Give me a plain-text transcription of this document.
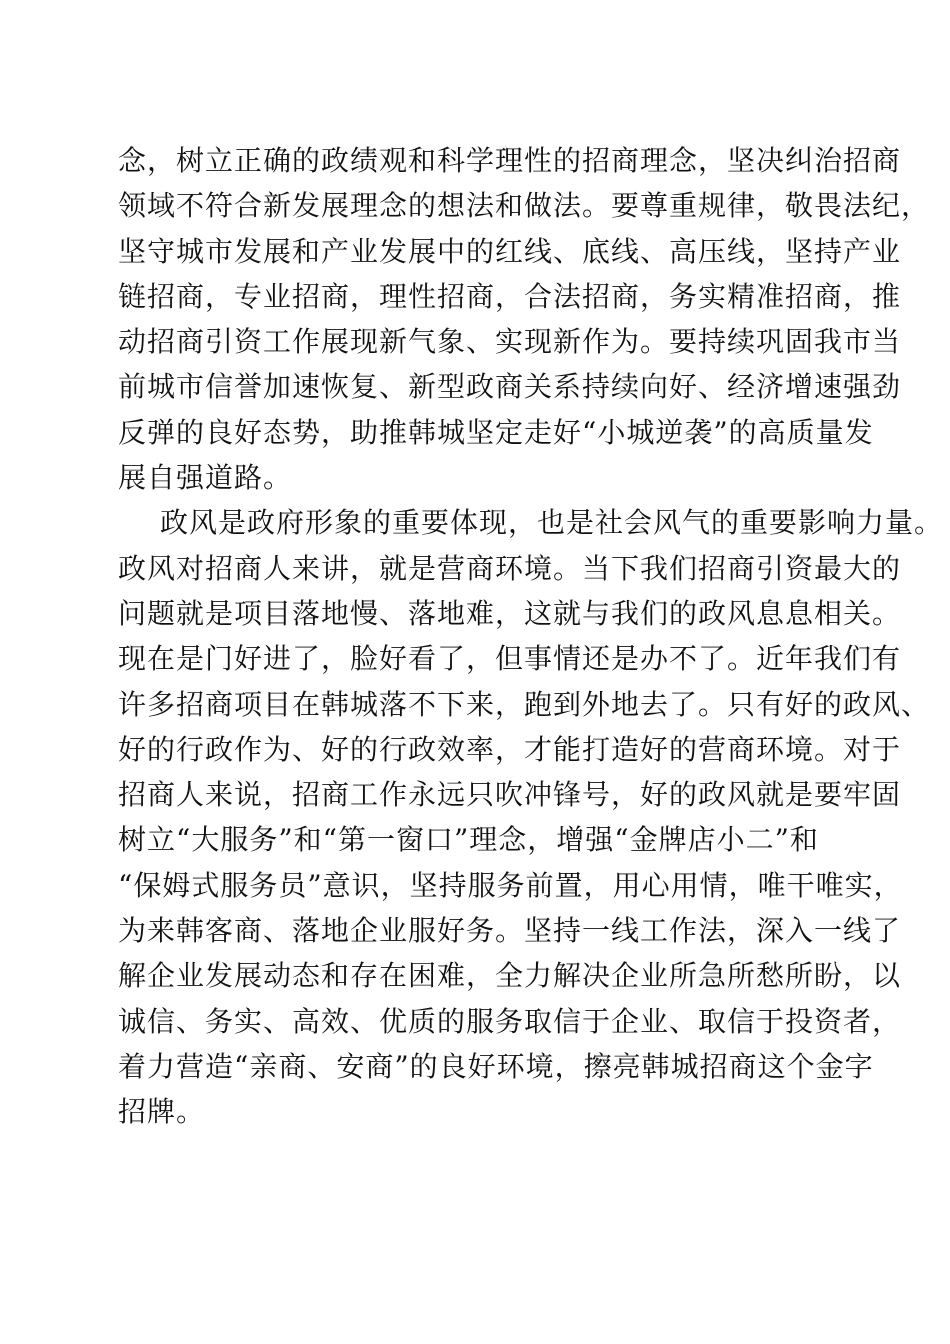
念，树立正确的政绩观和科学理性的招商理念，坚决纠治招商
领域不符合新发展理念的想法和做法。要尊重规律，敬畏法纪，
坚守城市发展和产业发展中的红线、底线、高压线，坚持产业
链招商，专业招商，理性招商，合法招商，务实精准招商，推
动招商引资工作展现新气象、实现新作为。要持续巩固我市当
前城市信誉加速恢复、新型政商关系持续向好、经济增速强劲
反弹的良好态势，助推韩城坚定走好“小城逆袭”的高质量发
展自强道路。
政风是政府形象的重要体现，也是社会风气的重要影响力量。
政风对招商人来讲，就是营商环境。当下我们招商引资最大的
问题就是项目落地慢、落地难，这就与我们的政风息息相关。
现在是门好进了，脸好看了，但事情还是办不了。近年我们有
许多招商项目在韩城落不下来，跑到外地去了。只有好的政风、
好的行政作为、好的行政效率，才能打造好的营商环境。对于
招商人来说，招商工作永远只吹冲锋号，好的政风就是要牢固
树立“大服务”和“第一窗口”理念，增强“金牌店小二”和
“保姆式服务员”意识，坚持服务前置，用心用情，唯干唯实，
为来韩客商、落地企业服好务。坚持一线工作法，深入一线了
解企业发展动态和存在困难，全力解决企业所急所愁所盼，以
诚信、务实、高效、优质的服务取信于企业、取信于投资者，
着力营造“亲商、安商”的良好环境，擦亮韩城招商这个金字
招牌。
